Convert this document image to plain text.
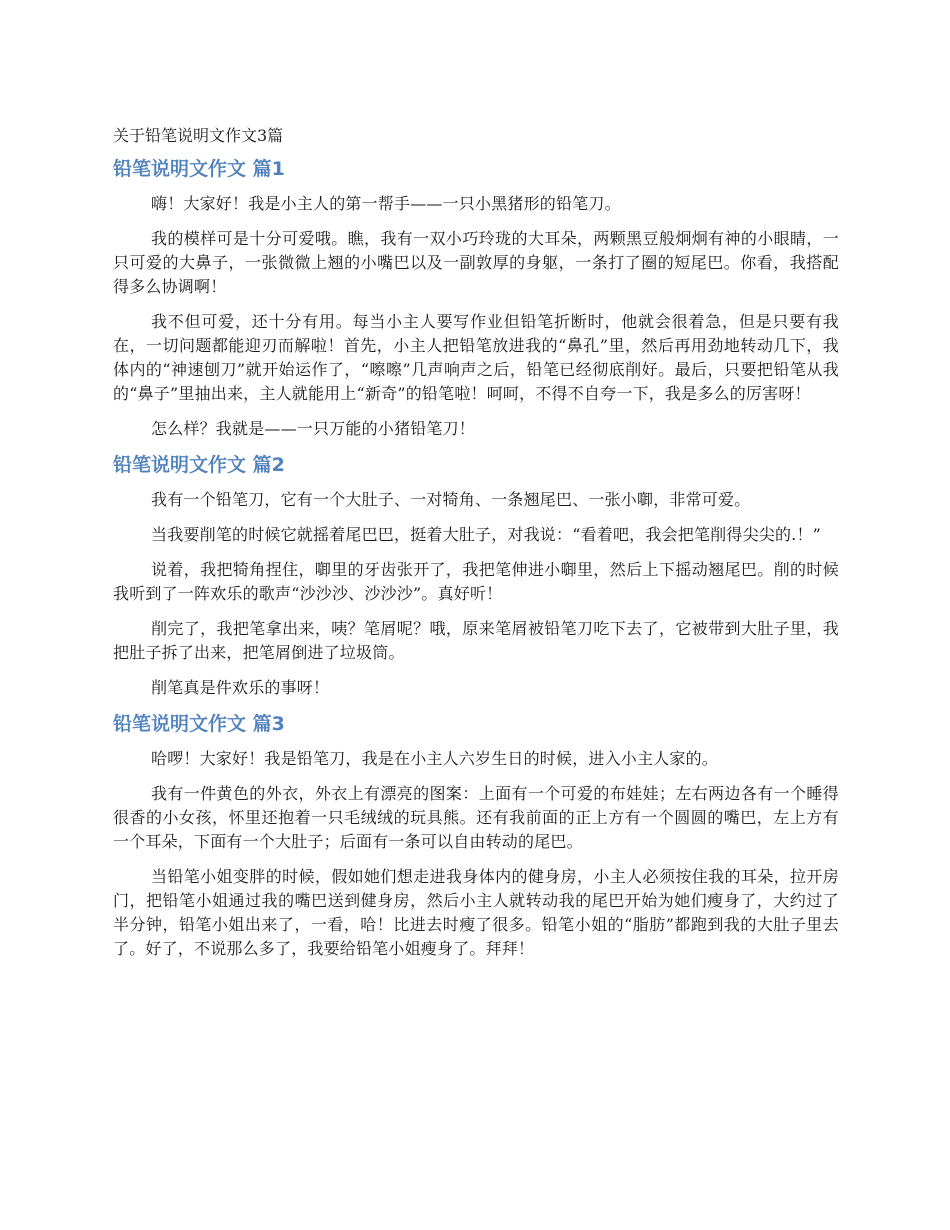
关于铅笔说明文作文3篇
铅笔说明文作文 篇1

嗨！大家好！我是小主人的第一帮手——一只小黑猪形的铅笔刀。

我的模样可是十分可爱哦。瞧，我有一双小巧玲珑的大耳朵，两颗黑豆般炯炯有神的小眼睛，一只可爱的大鼻子，一张微微上翘的小嘴巴以及一副敦厚的身躯，一条打了圈的短尾巴。你看，我搭配得多么协调啊！

我不但可爱，还十分有用。每当小主人要写作业但铅笔折断时，他就会很着急，但是只要有我在，一切问题都能迎刃而解啦！首先，小主人把铅笔放进我的“鼻孔”里，然后再用劲地转动几下，我体内的“神速刨刀”就开始运作了，“嚓嚓”几声响声之后，铅笔已经彻底削好。最后，只要把铅笔从我的“鼻子”里抽出来，主人就能用上“新奇”的铅笔啦！呵呵，不得不自夸一下，我是多么的厉害呀！

怎么样？我就是——一只万能的小猪铅笔刀！

铅笔说明文作文 篇2

我有一个铅笔刀，它有一个大肚子、一对犄角、一条翘尾巴、一张小啣，非常可爱。

当我要削笔的时候它就摇着尾巴巴，挺着大肚子，对我说：“看着吧，我会把笔削得尖尖的.！”

说着，我把犄角捏住，啣里的牙齿张开了，我把笔伸进小啣里，然后上下摇动翘尾巴。削的时候我听到了一阵欢乐的歌声“沙沙沙、沙沙沙”。真好听！

削完了，我把笔拿出来，咦？笔屑呢？哦，原来笔屑被铅笔刀吃下去了，它被带到大肚子里，我把肚子拆了出来，把笔屑倒进了垃圾筒。

削笔真是件欢乐的事呀！

铅笔说明文作文 篇3

哈啰！大家好！我是铅笔刀，我是在小主人六岁生日的时候，进入小主人家的。

我有一件黄色的外衣，外衣上有漂亮的图案：上面有一个可爱的布娃娃；左右两边各有一个睡得很香的小女孩，怀里还抱着一只毛绒绒的玩具熊。还有我前面的正上方有一个圆圆的嘴巴，左上方有一个耳朵，下面有一个大肚子；后面有一条可以自由转动的尾巴。

当铅笔小姐变胖的时候，假如她们想走进我身体内的健身房，小主人必须按住我的耳朵，拉开房门，把铅笔小姐通过我的嘴巴送到健身房，然后小主人就转动我的尾巴开始为她们瘦身了，大约过了半分钟，铅笔小姐出来了，一看，哈！比进去时瘦了很多。铅笔小姐的“脂肪”都跑到我的大肚子里去了。好了，不说那么多了，我要给铅笔小姐瘦身了。拜拜！
